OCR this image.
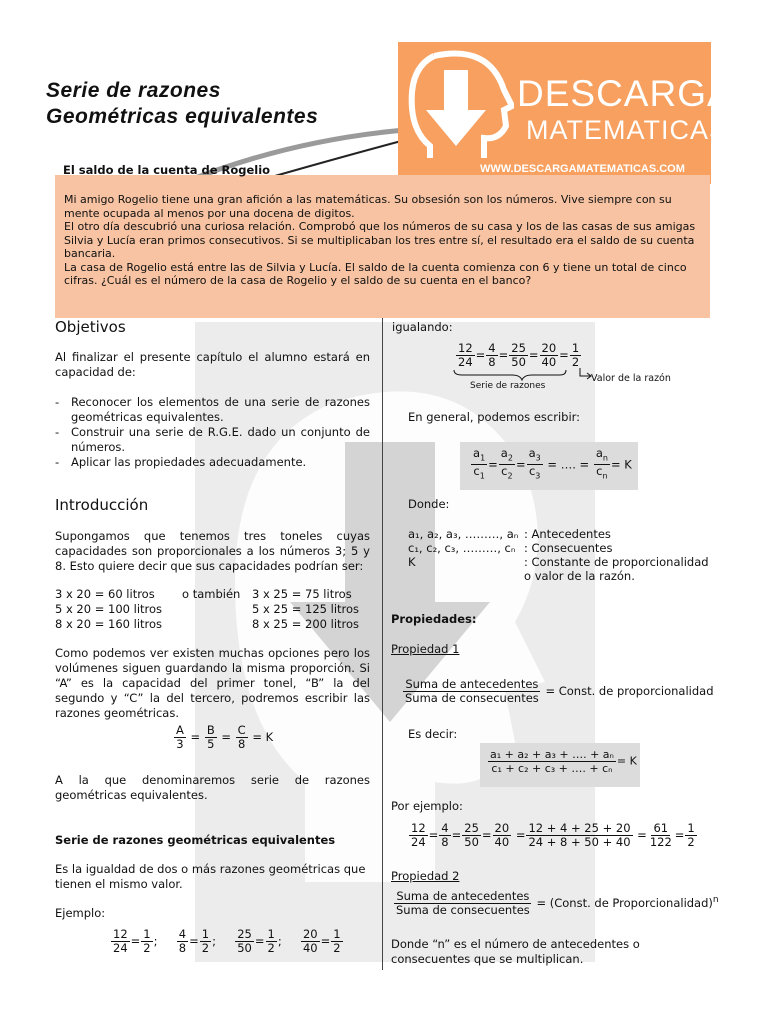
Serie de razones
Geométricas equivalentes
DESCARGA
MATEMATICAS
WWW.DESCARGAMATEMATICAS.COM
El saldo de la cuenta de Rogelio
Mi amigo Rogelio tiene una gran afición a las matemáticas. Su obsesión son los números. Vive siempre con su mente ocupada al menos por una docena de digitos.
El otro día descubrió una curiosa relación. Comprobó que los números de su casa y los de las casas de sus amigas Silvia y Lucía eran primos consecutivos. Si se multiplicaban los tres entre sí, el resultado era el saldo de su cuenta bancaria.
La casa de Rogelio está entre las de Silvia y Lucía. El saldo de la cuenta comienza con 6 y tiene un total de cinco cifras. ¿Cuál es el número de la casa de Rogelio y el saldo de su cuenta en el banco?
Objetivos
Al finalizar el presente capítulo el alumno estará en capacidad de:
- Reconocer los elementos de una serie de razones geométricas equivalentes.
- Construir una serie de R.G.E. dado un conjunto de números.
- Aplicar las propiedades adecuadamente.
Introducción
Supongamos que tenemos tres toneles cuyas capacidades son proporcionales a los números 3; 5 y 8. Esto quiere decir que sus capacidades podrían ser:
3 x 20 = 60 litros
5 x 20 = 100 litros
8 x 20 = 160 litros
o también 3 x 25 = 75 litros
5 x 25 = 125 litros
8 x 25 = 200 litros
Como podemos ver existen muchas opciones pero los volúmenes siguen guardando la misma proporción. Si “A” es la capacidad del primer tonel, “B” la del segundo y “C” la del tercero, podremos escribir las razones geométricas.
$\frac{A}{3} = \frac{B}{5} = \frac{C}{8} = K$
A la que denominaremos serie de razones geométricas equivalentes.
Serie de razones geométricas equivalentes
Es la igualdad de dos o más razones geométricas que tienen el mismo valor.
Ejemplo:
$\frac{12}{24} = \frac{1}{2}$ ; $\frac{4}{8} = \frac{1}{2}$ ; $\frac{25}{50} = \frac{1}{2}$ ; $\frac{20}{40} = \frac{1}{2}$
igualando:
$\frac{12}{24} = \frac{4}{8} = \frac{25}{50} = \frac{20}{40} = \frac{1}{2}$
Serie de razones
Valor de la razón
En general, podemos escribir:
$\frac{a_1}{c_1} = \frac{a_2}{c_2} = \frac{a_3}{c_3}$ = …. = $\frac{a_n}{c_n} = K$
Donde:
a₁, a₂, a₃, ………, aₙ
c₁, c₂, c₃, ………, cₙ
K
: Antecedentes
: Consecuentes
: Constante de proporcionalidad o valor de la razón.
Propiedades:
Propiedad 1
$\frac{\text{Suma de antecedentes}}{\text{Suma de consecuentes}}$ = Const. de proporcionalidad
Es decir:
$\frac{\text{a₁ + a₂ + a₃ + …. + aₙ}}{\text{c₁ + c₂ + c₃ + …. + cₙ}} = K$
Por ejemplo:
$\frac{12}{24} = \frac{4}{8} = \frac{25}{50} = \frac{20}{40} = \frac{12 + 4 + 25 + 20}{24 + 8 + 50 + 40} = \frac{61}{122} = \frac{1}{2}$
Propiedad 2
$\frac{\text{Suma de antecedentes}}{\text{Suma de consecuentes}}$ = (Const. de Proporcionalidad)$^n$
Donde “n” es el número de antecedentes o consecuentes que se multiplican.
